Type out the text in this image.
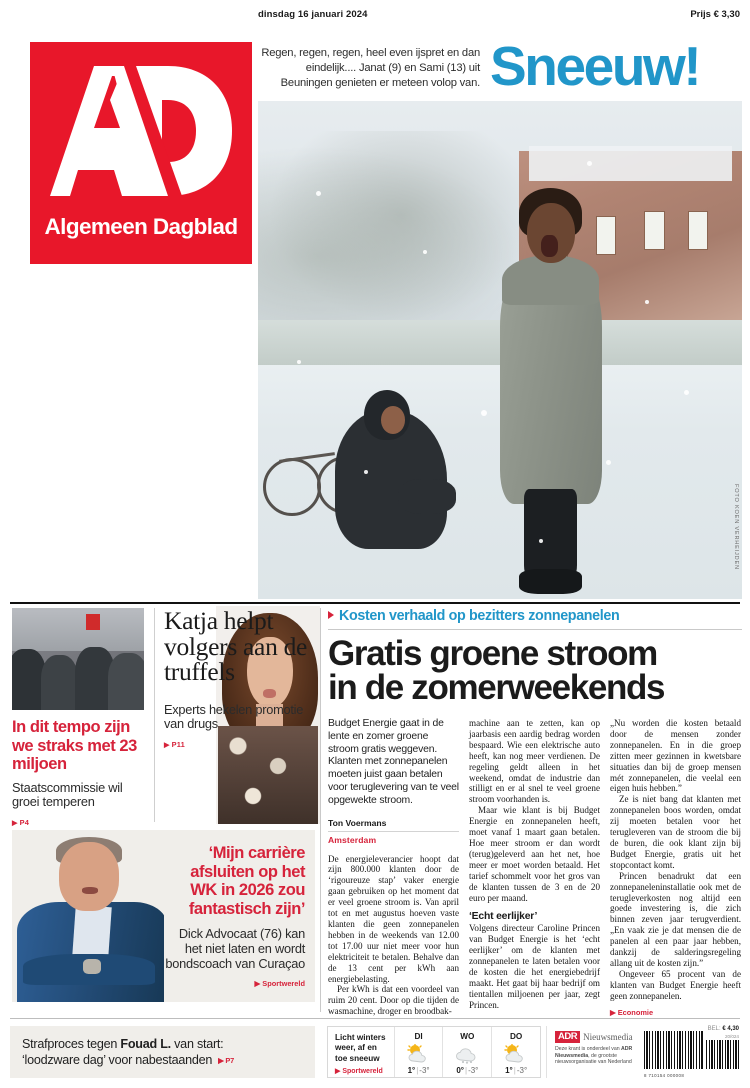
dinsdag 16 januari 2024	Prijs € 3,30
Algemeen Dagblad
Regen, regen, regen, heel even ijspret en dan eindelijk.... Janat (9) en Sami (13) uit Beuningen genieten er meteen volop van. Sneeuw!
FOTO KOEN VERHEIJDEN
In dit tempo zijn we straks met 23 miljoen
Staatscommissie wil groei temperen
▶ P4
Katja helpt volgers aan de truffels
Experts hekelen promotie van drugs
▶ P11
‘Mijn carrière afsluiten op het WK in 2026 zou fantastisch zijn’
Dick Advocaat (76) kan het niet laten en wordt bondscoach van Curaçao
▶ Sportwereld
Kosten verhaald op bezitters zonnepanelen
Gratis groene stroom
in de zomerweekends
Budget Energie gaat in de lente en zomer groene stroom gratis weggeven. Klanten met zonnepanelen moeten juist gaan betalen voor teruglevering van te veel opgewekte stroom.
Ton Voermans
Amsterdam

De energieleverancier hoopt dat zijn 800.000 klanten door de ‘rigoureuze stap’ vaker energie gaan gebruiken op het moment dat er veel groene stroom is. Van april tot en met augustus hoeven vaste klanten die geen zonnepanelen hebben in de weekends van 12.00 tot 17.00 uur niet meer voor hun elektriciteit te betalen. Behalve dan de 13 cent per kWh aan energiebelasting.

Per kWh is dat een voordeel van ruim 20 cent. Door op die tijden de wasmachine, droger en broodbak-

machine aan te zetten, kan op jaarbasis een aardig bedrag worden bespaard. Wie een elektrische auto heeft, kan nog meer verdienen. De regeling geldt alleen in het weekend, omdat de industrie dan stilligt en er al snel te veel groene stroom voorhanden is.

Maar wie klant is bij Budget Energie en zonnepanelen heeft, moet vanaf 1 maart gaan betalen. Hoe meer stroom er dan wordt (terug)geleverd aan het net, hoe meer er moet worden betaald. Het tarief schommelt voor het gros van de klanten tussen de 3 en de 20 euro per maand.

‘Echt eerlijker’

Volgens directeur Caroline Princen van Budget Energie is het ‘echt eerlijker’ om de klanten met zonnepanelen te laten betalen voor de kosten die het energiebedrijf maakt. Het gaat bij haar bedrijf om tientallen miljoenen per jaar, zegt Princen.

„Nu worden die kosten betaald door de mensen zonder zonnepanelen. En in die groep zitten meer gezinnen in kwetsbare situaties dan bij de groep mensen mét zonnepanelen, die veelal een eigen huis hebben.”

Ze is niet bang dat klanten met zonnepanelen boos worden, omdat zij moeten betalen voor het terugleveren van de stroom die bij de buren, die ook klant zijn bij Budget Energie, gratis uit het stopcontact komt.

Princen benadrukt dat een zonnepaneleninstallatie ook met de terugleverkosten nog altijd een goede investering is, die zich binnen zeven jaar terugverdient. „En vaak zie je dat mensen die de panelen al een paar jaar hebben, dankzij de salderingsregeling allang uit de kosten zijn.”

Ongeveer 65 procent van de klanten van Budget Energie heeft geen zonnepanelen.

▶ Economie
Strafproces tegen Fouad L. van start:
‘loodzware dag’ voor nabestaanden ▶ P7
Licht winters
weer, af en
toe sneeuw
▶ Sportwereld
DI
1°|-3°
WO
0°|-3°
DO
1°|-3°
ADR Nieuwsmedia
Deze krant is onderdeel van ADR Nieuwsmedia, de grootste nieuwsorganisatie van Nederland
BEL: € 4,30
20/024
8 710154 000008
